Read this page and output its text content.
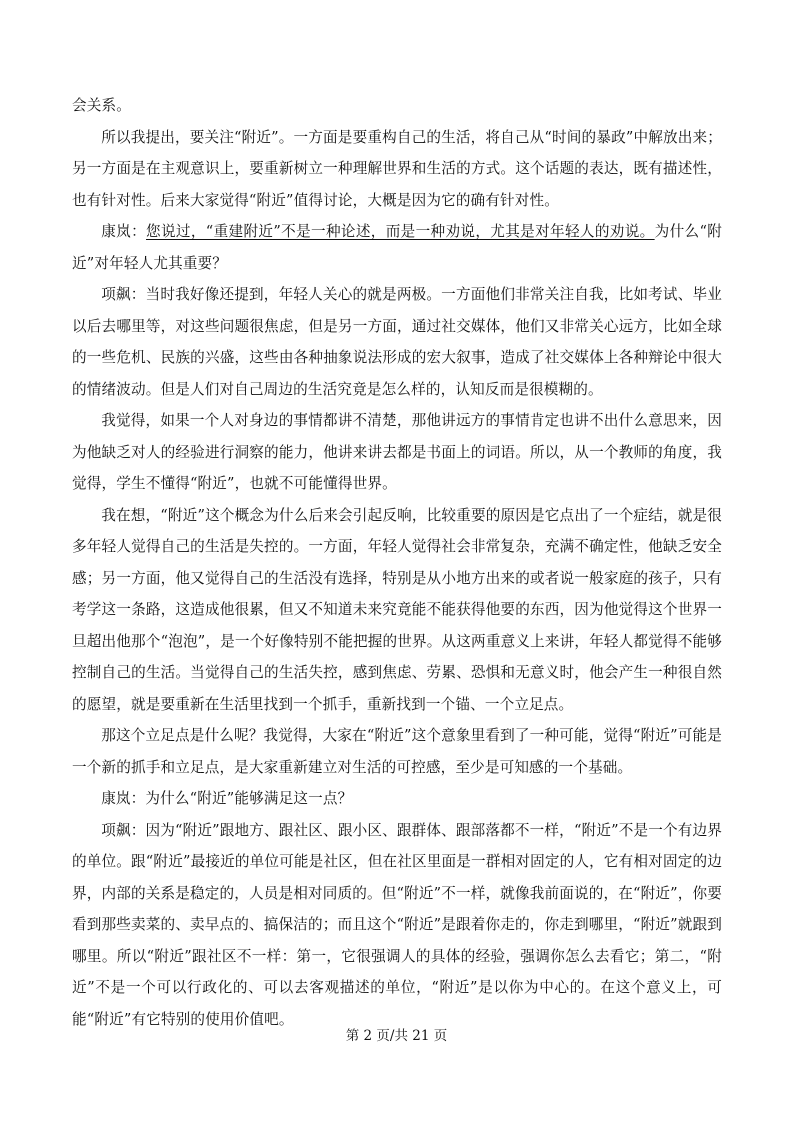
会关系。

所以我提出，要关注“附近”。一方面是要重构自己的生活，将自己从“时间的暴政”中解放出来；另一方面是在主观意识上，要重新树立一种理解世界和生活的方式。这个话题的表达，既有描述性，也有针对性。后来大家觉得“附近”值得讨论，大概是因为它的确有针对性。

康岚：您说过，“重建附近”不是一种论述，而是一种劝说，尤其是对年轻人的劝说。为什么“附近”对年轻人尤其重要？

项飙：当时我好像还提到，年轻人关心的就是两极。一方面他们非常关注自我，比如考试、毕业以后去哪里等，对这些问题很焦虑，但是另一方面，通过社交媒体，他们又非常关心远方，比如全球的一些危机、民族的兴盛，这些由各种抽象说法形成的宏大叙事，造成了社交媒体上各种辩论中很大的情绪波动。但是人们对自己周边的生活究竟是怎么样的，认知反而是很模糊的。

我觉得，如果一个人对身边的事情都讲不清楚，那他讲远方的事情肯定也讲不出什么意思来，因为他缺乏对人的经验进行洞察的能力，他讲来讲去都是书面上的词语。所以，从一个教师的角度，我觉得，学生不懂得“附近”，也就不可能懂得世界。

我在想，“附近”这个概念为什么后来会引起反响，比较重要的原因是它点出了一个症结，就是很多年轻人觉得自己的生活是失控的。一方面，年轻人觉得社会非常复杂，充满不确定性，他缺乏安全感；另一方面，他又觉得自己的生活没有选择，特别是从小地方出来的或者说一般家庭的孩子，只有考学这一条路，这造成他很累，但又不知道未来究竟能不能获得他要的东西，因为他觉得这个世界一旦超出他那个“泡泡”，是一个好像特别不能把握的世界。从这两重意义上来讲，年轻人都觉得不能够控制自己的生活。当觉得自己的生活失控，感到焦虑、劳累、恐惧和无意义时，他会产生一种很自然的愿望，就是要重新在生活里找到一个抓手，重新找到一个锚、一个立足点。

那这个立足点是什么呢？我觉得，大家在“附近”这个意象里看到了一种可能，觉得“附近”可能是一个新的抓手和立足点，是大家重新建立对生活的可控感，至少是可知感的一个基础。

康岚：为什么“附近”能够满足这一点？

项飙：因为“附近”跟地方、跟社区、跟小区、跟群体、跟部落都不一样，“附近”不是一个有边界的单位。跟“附近”最接近的单位可能是社区，但在社区里面是一群相对固定的人，它有相对固定的边界，内部的关系是稳定的，人员是相对同质的。但“附近”不一样，就像我前面说的，在“附近”，你要看到那些卖菜的、卖早点的、搞保洁的；而且这个“附近”是跟着你走的，你走到哪里，“附近”就跟到哪里。所以“附近”跟社区不一样：第一，它很强调人的具体的经验，强调你怎么去看它；第二，“附近”不是一个可以行政化的、可以去客观描述的单位，“附近”是以你为中心的。在这个意义上，可能“附近”有它特别的使用价值吧。

第 2 页/共 21 页
